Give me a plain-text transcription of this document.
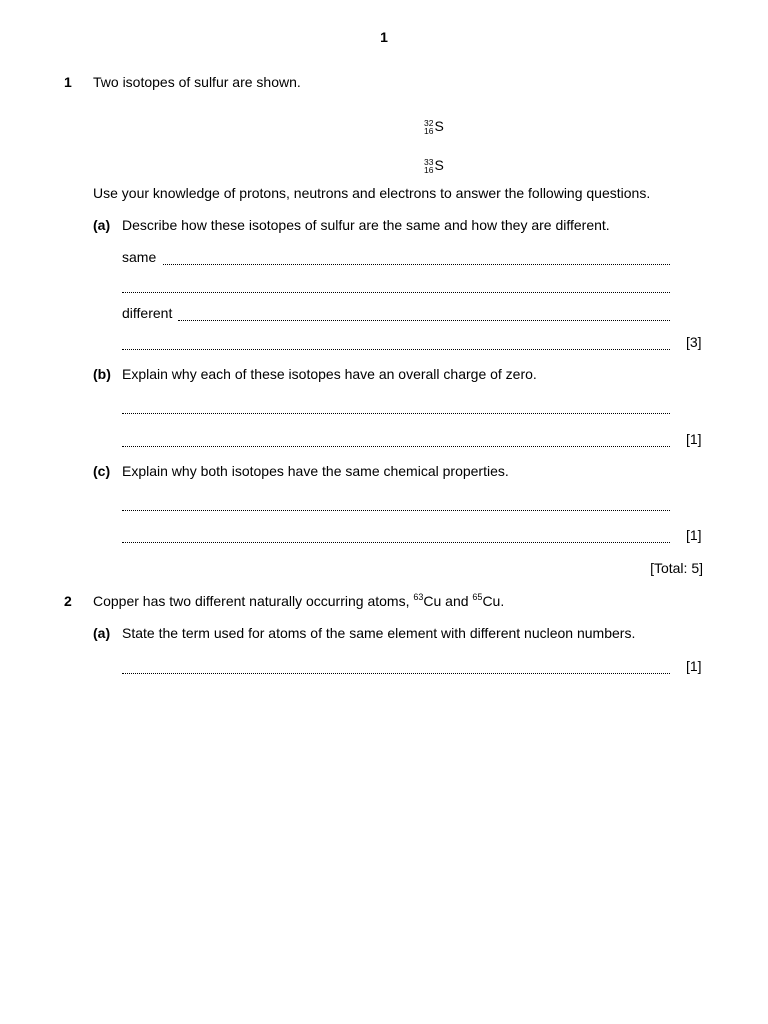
1
1 Two isotopes of sulfur are shown.
32
16 S
33
16 S
Use your knowledge of protons, neutrons and electrons to answer the following questions.
(a) Describe how these isotopes of sulfur are the same and how they are different.
same
different
[3]
(b) Explain why each of these isotopes have an overall charge of zero.
[1]
(c) Explain why both isotopes have the same chemical properties.
[1]
[Total: 5]
2 Copper has two different naturally occurring atoms, $^{63}$Cu and $^{65}$Cu.
(a) State the term used for atoms of the same element with different nucleon numbers.
[1]
